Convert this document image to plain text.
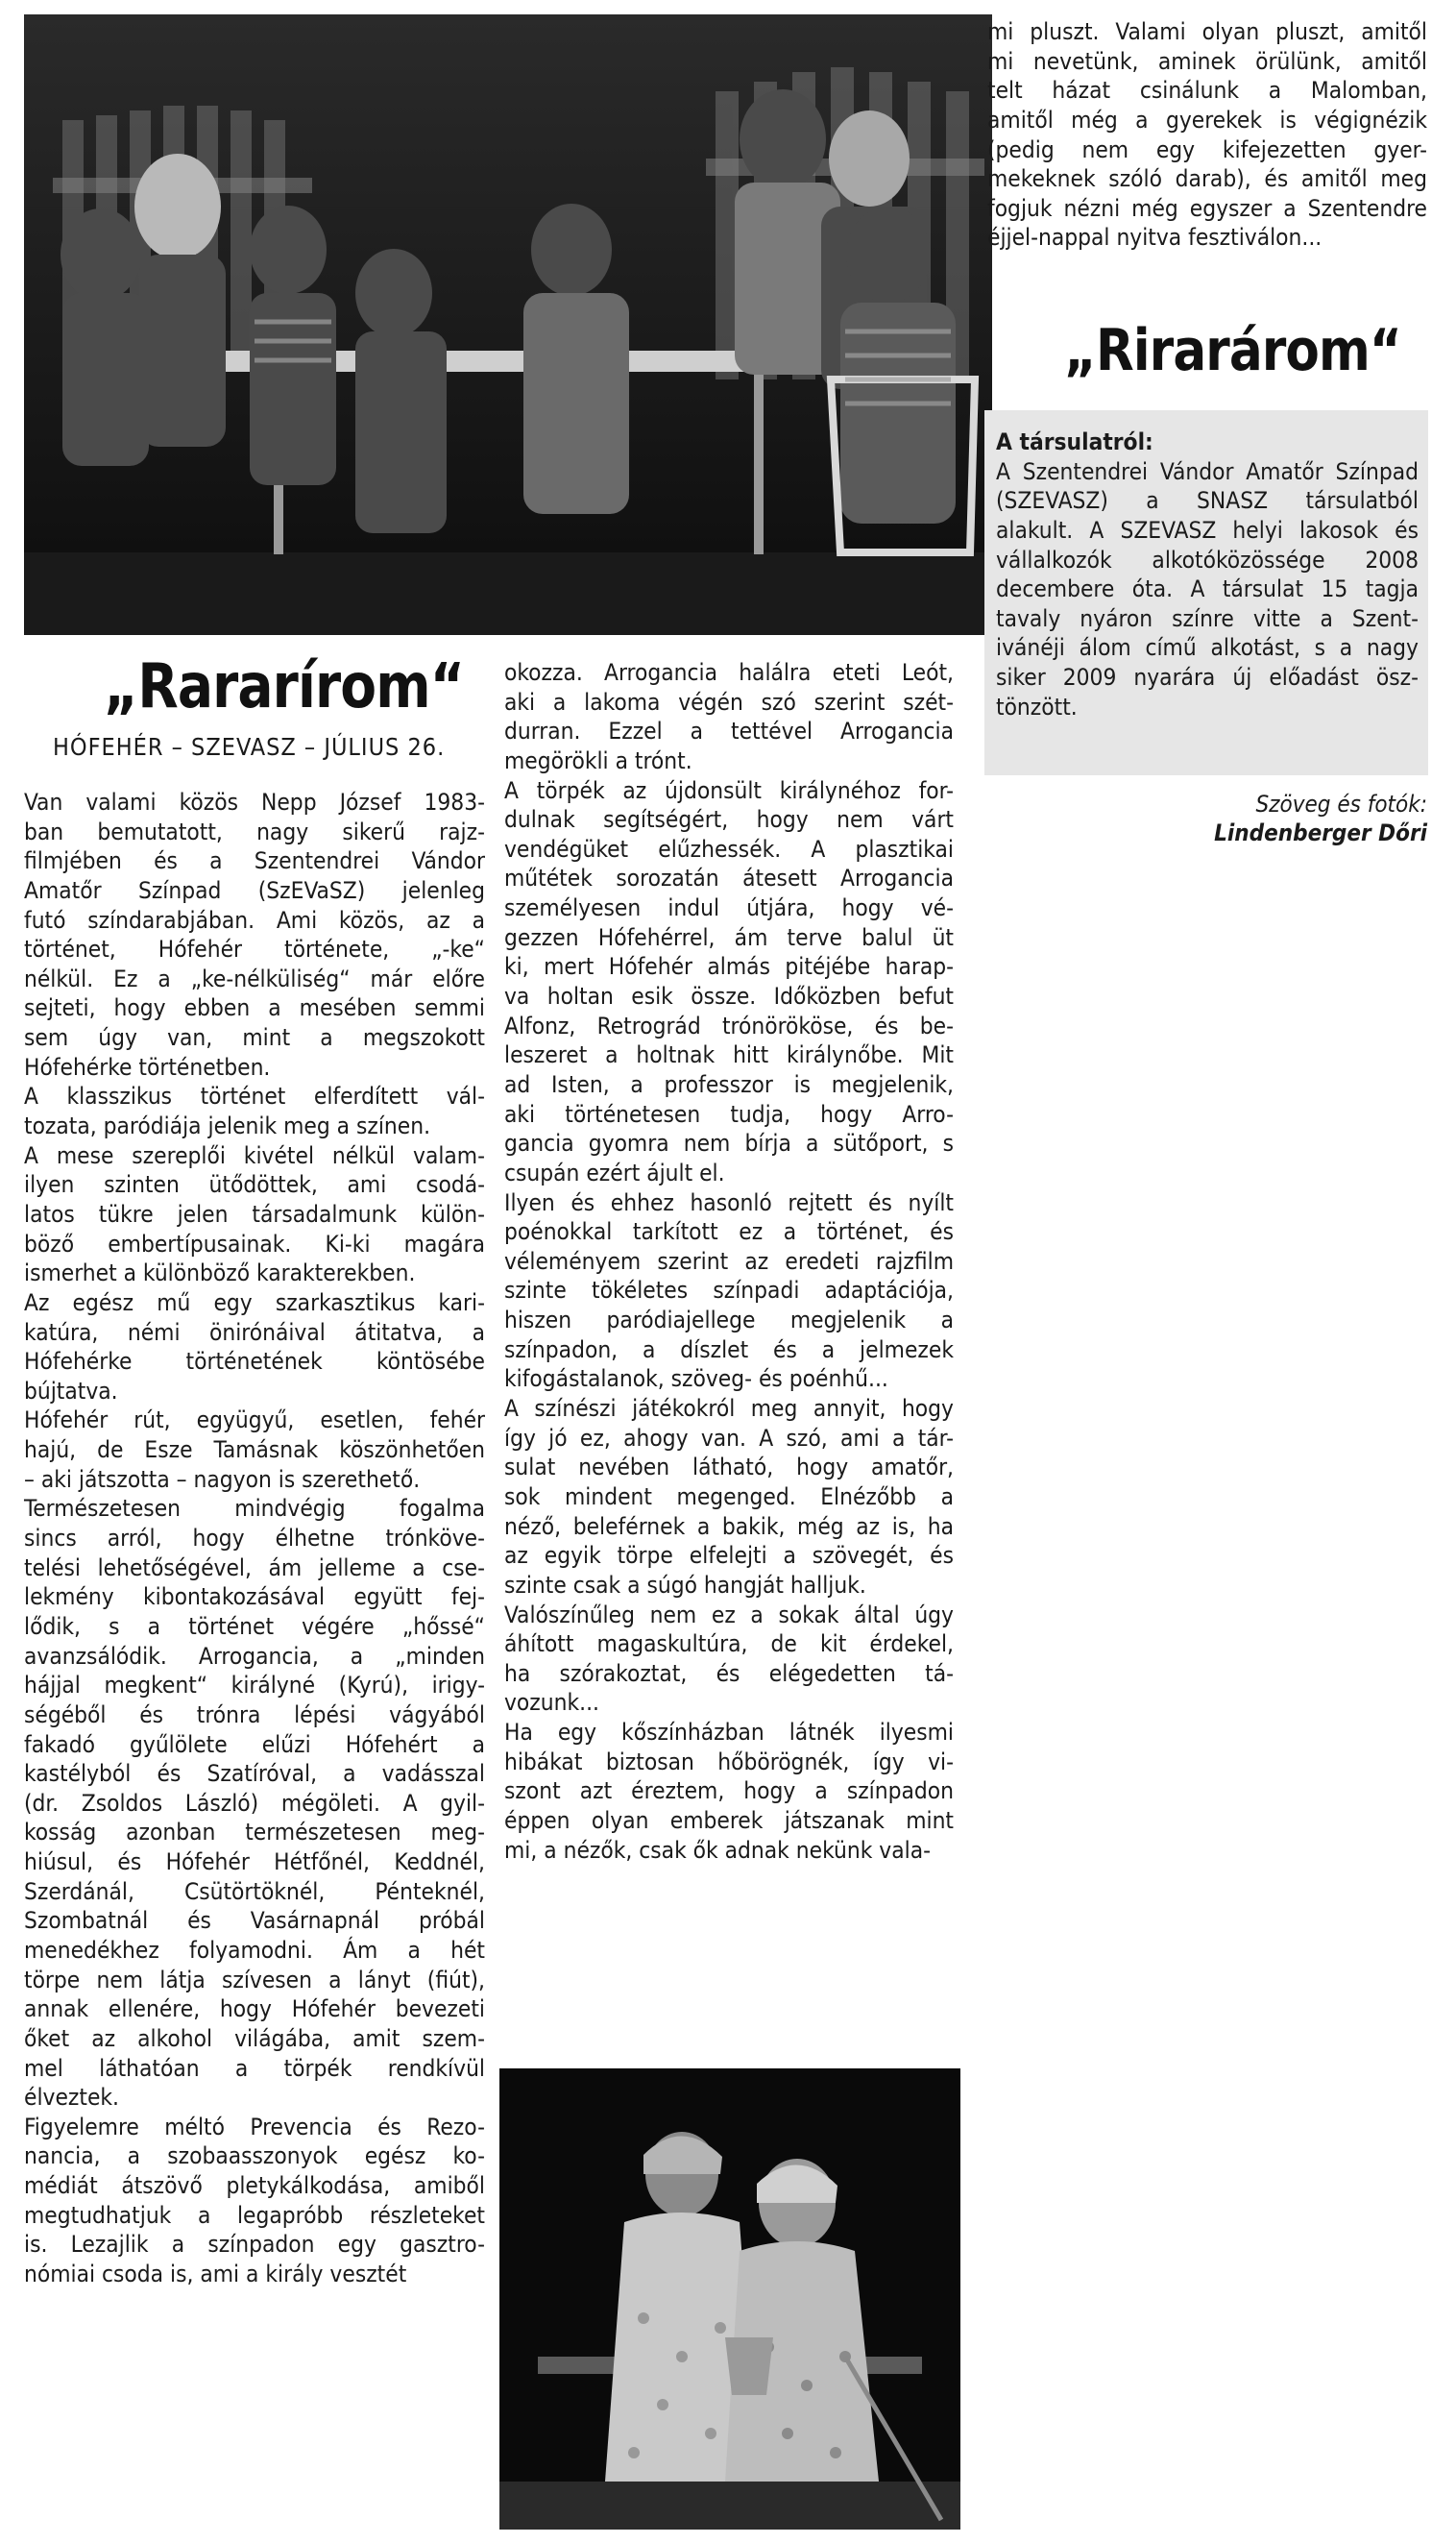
„Rararírom“
HÓFEHÉR – SZEVASZ – JÚLIUS 26.
Van valami közös Nepp József 1983-
ban bemutatott, nagy sikerű rajz-
filmjében és a Szentendrei Vándor
Amatőr Színpad (SzEVaSZ) jelenleg
futó színdarabjában. Ami közös, az a
történet, Hófehér története, „-ke“
nélkül. Ez a „ke-nélküliség“ már előre
sejteti, hogy ebben a mesében semmi
sem úgy van, mint a megszokott
Hófehérke történetben.
A klasszikus történet elferdített vál-
tozata, paródiája jelenik meg a színen.
A mese szereplői kivétel nélkül valam-
ilyen szinten ütődöttek, ami csodá-
latos tükre jelen társadalmunk külön-
böző embertípusainak. Ki-ki magára
ismerhet a különböző karakterekben.
Az egész mű egy szarkasztikus kari-
katúra, némi önirónáival átitatva, a
Hófehérke történetének köntösébe
bújtatva.
Hófehér rút, együgyű, esetlen, fehér
hajú, de Esze Tamásnak köszönhetően
– aki játszotta – nagyon is szerethető.
Természetesen mindvégig fogalma
sincs arról, hogy élhetne trónköve-
telési lehetőségével, ám jelleme a cse-
lekmény kibontakozásával együtt fej-
lődik, s a történet végére „hőssé“
avanzsálódik. Arrogancia, a „minden
hájjal megkent“ királyné (Kyrú), irigy-
ségéből és trónra lépési vágyából
fakadó gyűlölete elűzi Hófehért a
kastélyból és Szatíróval, a vadásszal
(dr. Zsoldos László) mégöleti. A gyil-
kosság azonban természetesen meg-
hiúsul, és Hófehér Hétfőnél, Keddnél,
Szerdánál, Csütörtöknél, Pénteknél,
Szombatnál és Vasárnapnál próbál
menedékhez folyamodni. Ám a hét
törpe nem látja szívesen a lányt (fiút),
annak ellenére, hogy Hófehér bevezeti
őket az alkohol világába, amit szem-
mel láthatóan a törpék rendkívül
élveztek.
Figyelemre méltó Prevencia és Rezo-
nancia, a szobaasszonyok egész ko-
médiát átszövő pletykálkodása, amiből
megtudhatjuk a legapróbb részleteket
is. Lezajlik a színpadon egy gasztro-
nómiai csoda is, ami a király vesztét
okozza. Arrogancia halálra eteti Leót,
aki a lakoma végén szó szerint szét-
durran. Ezzel a tettével Arrogancia
megörökli a trónt.
A törpék az újdonsült királynéhoz for-
dulnak segítségért, hogy nem várt
vendégüket elűzhessék. A plasztikai
műtétek sorozatán átesett Arrogancia
személyesen indul útjára, hogy vé-
gezzen Hófehérrel, ám terve balul üt
ki, mert Hófehér almás pitéjébe harap-
va holtan esik össze. Időközben befut
Alfonz, Retrográd trónörököse, és be-
leszeret a holtnak hitt királynőbe. Mit
ad Isten, a professzor is megjelenik,
aki történetesen tudja, hogy Arro-
gancia gyomra nem bírja a sütőport, s
csupán ezért ájult el.
Ilyen és ehhez hasonló rejtett és nyílt
poénokkal tarkított ez a történet, és
véleményem szerint az eredeti rajzfilm
szinte tökéletes színpadi adaptációja,
hiszen paródiajellege megjelenik a
színpadon, a díszlet és a jelmezek
kifogástalanok, szöveg- és poénhű...
A színészi játékokról meg annyit, hogy
így jó ez, ahogy van. A szó, ami a tár-
sulat nevében látható, hogy amatőr,
sok mindent megenged. Elnézőbb a
néző, beleférnek a bakik, még az is, ha
az egyik törpe elfelejti a szövegét, és
szinte csak a súgó hangját halljuk.
Valószínűleg nem ez a sokak által úgy
áhított magaskultúra, de kit érdekel,
ha szórakoztat, és elégedetten tá-
vozunk...
Ha egy kőszínházban látnék ilyesmi
hibákat biztosan hőbörögnék, így vi-
szont azt éreztem, hogy a színpadon
éppen olyan emberek játszanak mint
mi, a nézők, csak ők adnak nekünk vala-
mi pluszt. Valami olyan pluszt, amitől
mi nevetünk, aminek örülünk, amitől
telt házat csinálunk a Malomban,
amitől még a gyerekek is végignézik
(pedig nem egy kifejezetten gyer-
mekeknek szóló darab), és amitől meg
fogjuk nézni még egyszer a Szentendre
éjjel-nappal nyitva fesztiválon...
„Rirarárom“
A társulatról:
A Szentendrei Vándor Amatőr Színpad
(SZEVASZ) a SNASZ társulatból
alakult. A SZEVASZ helyi lakosok és
vállalkozók alkotóközössége 2008
decembere óta. A társulat 15 tagja
tavaly nyáron színre vitte a Szent-
ivánéji álom című alkotást, s a nagy
siker 2009 nyarára új előadást ösz-
tönzött.
Szöveg és fotók:
Lindenberger Dőri
